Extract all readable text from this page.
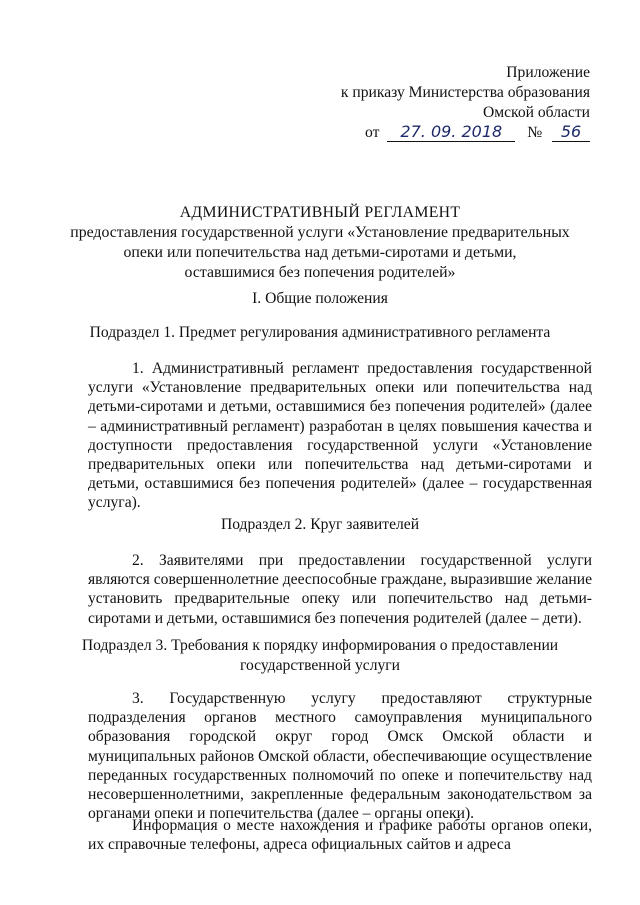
Приложение
к приказу Министерства образования
Омской области
от 27. 09. 2018 № 56
АДМИНИСТРАТИВНЫЙ РЕГЛАМЕНТ
предоставления государственной услуги «Установление предварительных
опеки или попечительства над детьми-сиротами и детьми,
оставшимися без попечения родителей»
I. Общие положения
Подраздел 1. Предмет регулирования административного регламента

1. Административный регламент предоставления государственной услуги «Установление предварительных опеки или попечительства над детьми-сиротами и детьми, оставшимися без попечения родителей» (далее – административный регламент) разработан в целях повышения качества и доступности предоставления государственной услуги «Установление предварительных опеки или попечительства над детьми-сиротами и детьми, оставшимися без попечения родителей» (далее – государственная услуга).

Подраздел 2. Круг заявителей

2. Заявителями при предоставлении государственной услуги являются совершеннолетние дееспособные граждане, выразившие желание установить предварительные опеку или попечительство над детьми-сиротами и детьми, оставшимися без попечения родителей (далее – дети).

Подраздел 3. Требования к порядку информирования о предоставлении
государственной услуги

3. Государственную услугу предоставляют структурные подразделения органов местного самоуправления муниципального образования городской округ город Омск Омской области и муниципальных районов Омской области, обеспечивающие осуществление переданных государственных полномочий по опеке и попечительству над несовершеннолетними, закрепленные федеральным законодательством за органами опеки и попечительства (далее – органы опеки).

Информация о месте нахождения и графике работы органов опеки, их справочные телефоны, адреса официальных сайтов и адреса
